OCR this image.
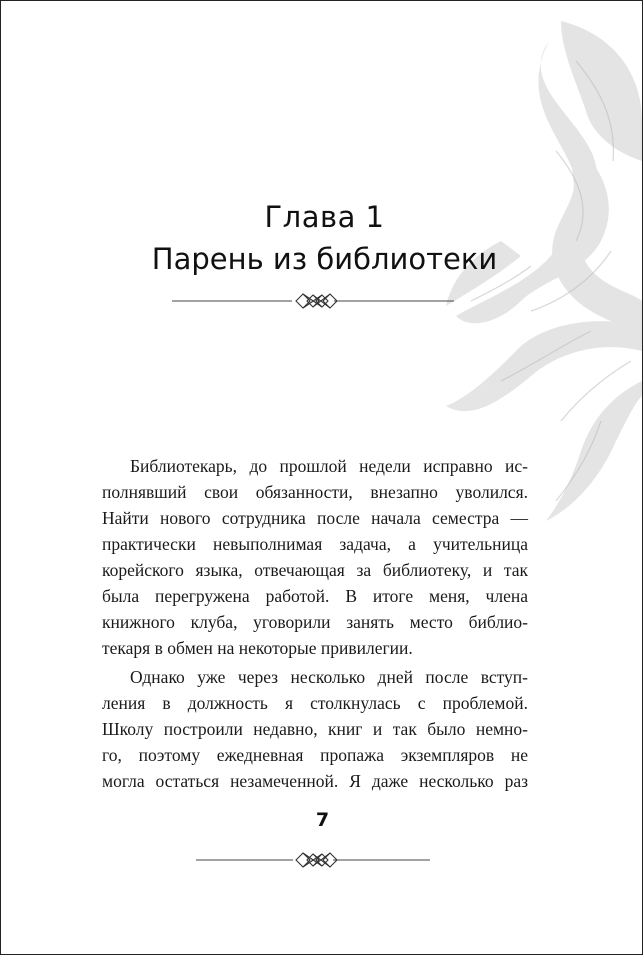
Глава 1
Парень из библиотеки
Библиотекарь, до прошлой недели исправно ис-
полнявший свои обязанности, внезапно уволился.
Найти нового сотрудника после начала семестра —
практически невыполнимая задача, а учительница
корейского языка, отвечающая за библиотеку, и так
была перегружена работой. В итоге меня, члена
книжного клуба, уговорили занять место библио-
текаря в обмен на некоторые привилегии.
Однако уже через несколько дней после вступ-
ления в должность я столкнулась с проблемой.
Школу построили недавно, книг и так было немно-
го, поэтому ежедневная пропажа экземпляров не
могла остаться незамеченной. Я даже несколько раз
7
